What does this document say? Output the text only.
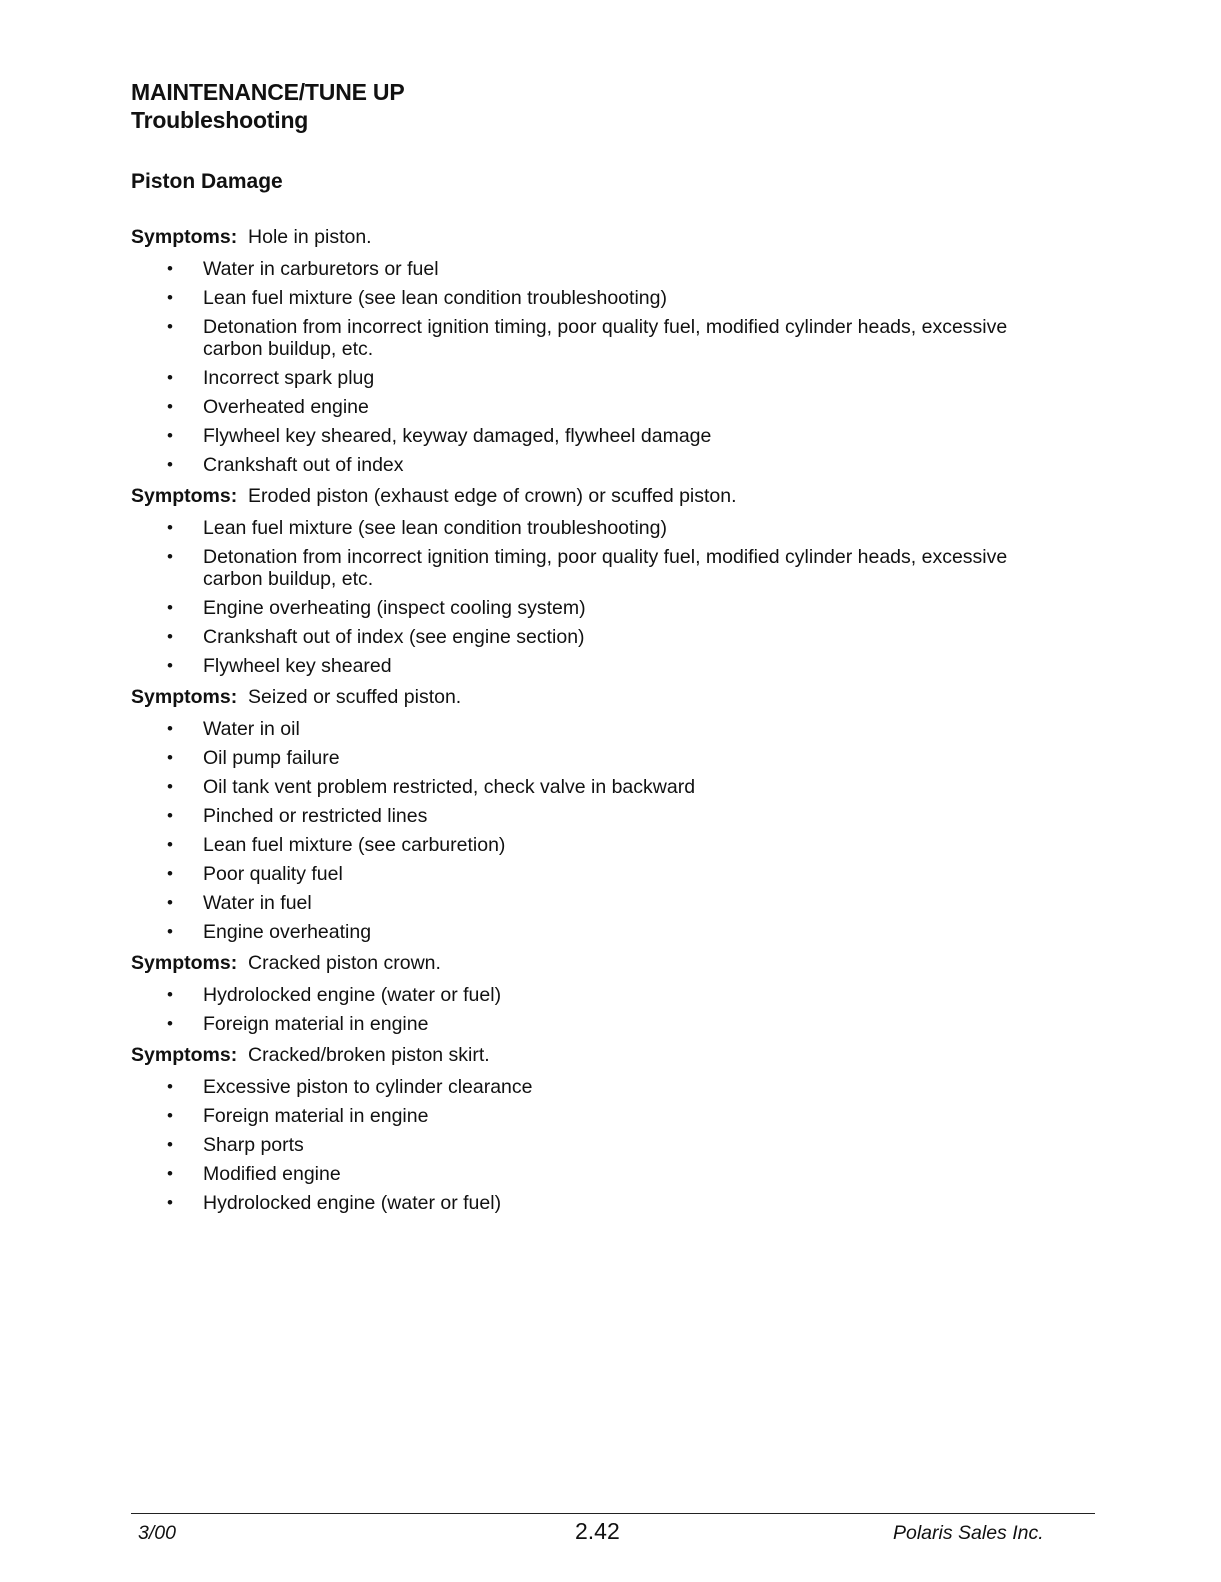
MAINTENANCE/TUNE UP
Troubleshooting
Piston Damage
Symptoms: Hole in piston.
• Water in carburetors or fuel
• Lean fuel mixture (see lean condition troubleshooting)
• Detonation from incorrect ignition timing, poor quality fuel, modified cylinder heads, excessive carbon buildup, etc.
• Incorrect spark plug
• Overheated engine
• Flywheel key sheared, keyway damaged, flywheel damage
• Crankshaft out of index
Symptoms: Eroded piston (exhaust edge of crown) or scuffed piston.
• Lean fuel mixture (see lean condition troubleshooting)
• Detonation from incorrect ignition timing, poor quality fuel, modified cylinder heads, excessive carbon buildup, etc.
• Engine overheating (inspect cooling system)
• Crankshaft out of index (see engine section)
• Flywheel key sheared
Symptoms: Seized or scuffed piston.
• Water in oil
• Oil pump failure
• Oil tank vent problem restricted, check valve in backward
• Pinched or restricted lines
• Lean fuel mixture (see carburetion)
• Poor quality fuel
• Water in fuel
• Engine overheating
Symptoms: Cracked piston crown.
• Hydrolocked engine (water or fuel)
• Foreign material in engine
Symptoms: Cracked/broken piston skirt.
• Excessive piston to cylinder clearance
• Foreign material in engine
• Sharp ports
• Modified engine
• Hydrolocked engine (water or fuel)
3/00	2.42	Polaris Sales Inc.
